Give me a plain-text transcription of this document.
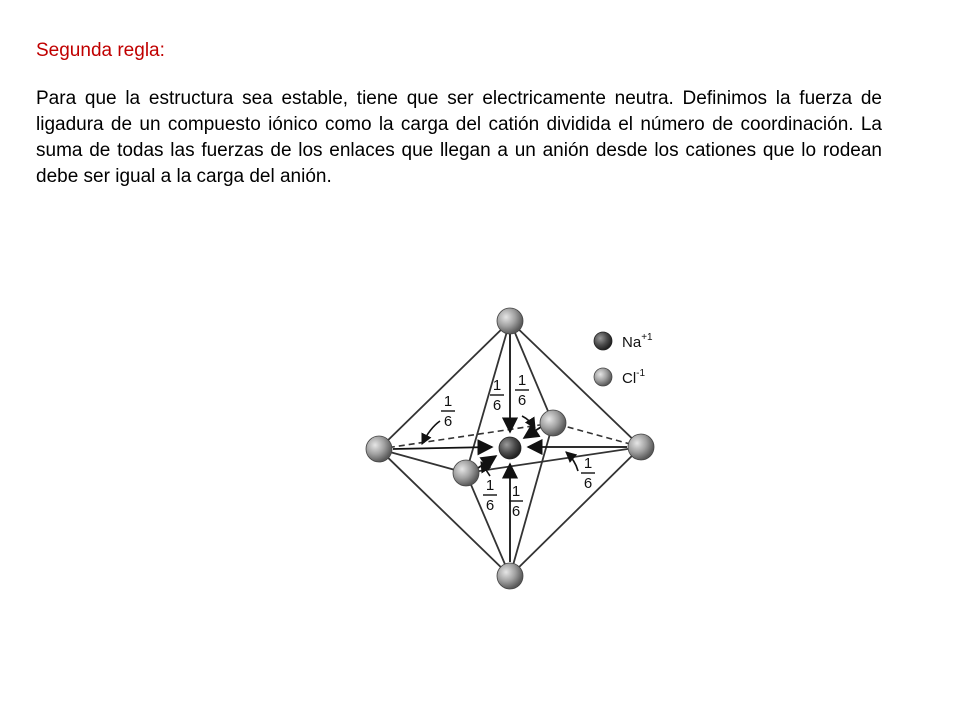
Segunda regla:

Para que la estructura sea estable, tiene que ser electricamente neutra. Definimos la fuerza de ligadura de un compuesto iónico como la carga del catión dividida el número de coordinación. La suma de todas las fuerzas de los enlaces que llegan a un anión desde los cationes que lo rodean debe ser igual a la carga del anión.

1
6
1
6
1
6
1
6
1
6
1
6
$Na^{+1}$
$Cl^{-1}$
